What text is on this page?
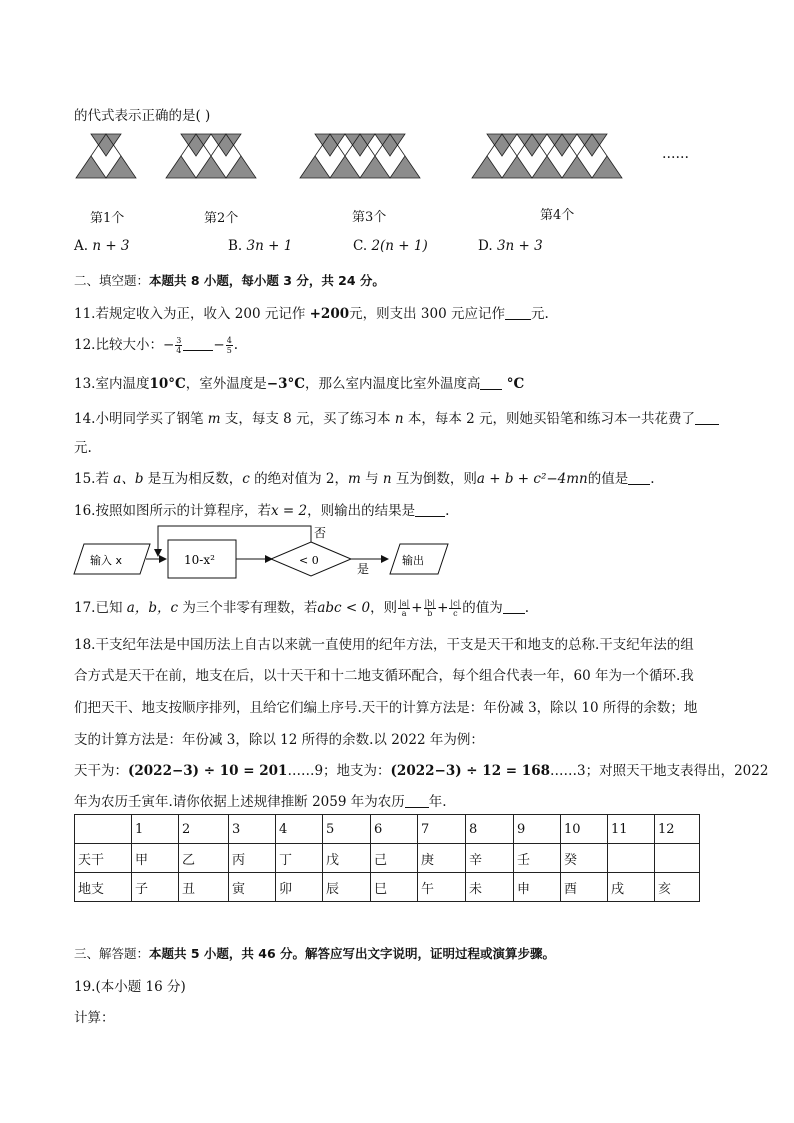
的代式表示正确的是( )
……
第1个	第2个	第3个	第4个
A. n + 3	B. 3n + 1	C. 2(n + 1)	D. 3n + 3
二、填空题：本题共 8 小题，每小题 3 分，共 24 分。
11.若规定收入为正，收入 200 元记作 +200元，则支出 300 元应记作 元.
12.比较大小：− $\frac{3}{4} - \frac{4}{5}$ .
13.室内温度10°C，室外温度是−3°C，那么室内温度比室外温度高 °C
14.小明同学买了钢笔 m 支，每支 8 元，买了练习本 n 本，每本 2 元，则她买铅笔和练习本一共花费了
元.
15.若 a、b 是互为相反数，c 的绝对值为 2，m 与 n 互为倒数，则a + b + c²−4mn的值是 .
16.按照如图所示的计算程序，若x = 2，则输出的结果是 .
输入 x	10-x²	< 0
否
是
输出
17.已知 a，b，c 为三个非零有理数，若abc < 0，则 $\frac{|a|}{a} + \frac{|b|}{b} + \frac{|c|}{c}$ 的值为 .
18.干支纪年法是中国历法上自古以来就一直使用的纪年方法，干支是天干和地支的总称.干支纪年法的组
合方式是天干在前，地支在后，以十天干和十二地支循环配合，每个组合代表一年，60 年为一个循环.我
们把天干、地支按顺序排列，且给它们编上序号.天干的计算方法是：年份减 3，除以 10 所得的余数；地
支的计算方法是：年份减 3，除以 12 所得的余数.以 2022 年为例：
天干为：(2022−3) ÷ 10 = 201……9；地支为：(2022−3) ÷ 12 = 168……3；对照天干地支表得出，2022
年为农历壬寅年.请你依据上述规律推断 2059 年为农历 年.
	1	2	3	4	5	6	7	8	9	10	11	12
天干	甲	乙	丙	丁	戊	己	庚	辛	壬	癸		
地支	子	丑	寅	卯	辰	巳	午	未	申	酉	戌	亥
三、解答题：本题共 5 小题，共 46 分。解答应写出文字说明，证明过程或演算步骤。
19.(本小题 16 分)
计算：
